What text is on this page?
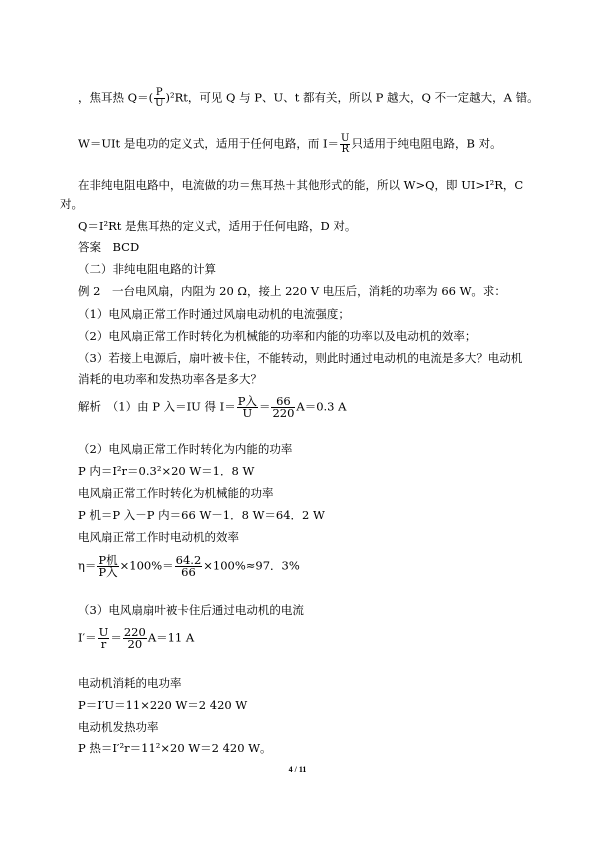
，焦耳热 $Q=( \frac{P}{U} )^2Rt$，可见 Q 与 P、U、t 都有关，所以 P 越大，Q 不一定越大，A 错。
W＝UIt 是电功的定义式，适用于任何电路，而 $I= \frac{U}{R}$ 只适用于纯电阻电路，B 对。
在非纯电阻电路中，电流做的功＝焦耳热＋其他形式的能，所以 W>Q，即 UI>I²R，C
对。
Q＝I²Rt 是焦耳热的定义式，适用于任何电路，D 对。
答案　BCD
（二）非纯电阻电路的计算
例 2　一台电风扇，内阻为 20 Ω，接上 220 V 电压后，消耗的功率为 66 W。求：
（1）电风扇正常工作时通过风扇电动机的电流强度；
（2）电风扇正常工作时转化为机械能的功率和内能的功率以及电动机的效率；
（3）若接上电源后，扇叶被卡住，不能转动，则此时通过电动机的电流是多大？电动机
消耗的电功率和发热功率各是多大？
解析　（1）由 P 入＝IU 得 $I= \frac{\text{P入}}{U} = \frac{66}{220} A=0.3$ A
（2）电风扇正常工作时转化为内能的功率
P 内＝I²r＝0.3²×20 W＝1．8 W
电风扇正常工作时转化为机械能的功率
P 机＝P 入－P 内＝66 W－1．8 W＝64．2 W
电风扇正常工作时电动机的效率
$\eta= \frac{\text{P机}}{\text{P入}} \times 100\%= \frac{64.2}{66} \times 100\%\approx 97$．3%
（3）电风扇扇叶被卡住后通过电动机的电流
$I'= \frac{U}{r} = \frac{220}{20} A=11$ A
电动机消耗的电功率
P＝I′U＝11×220 W＝2 420 W
电动机发热功率
P 热＝I′²r＝11²×20 W＝2 420 W。
4 / 11
